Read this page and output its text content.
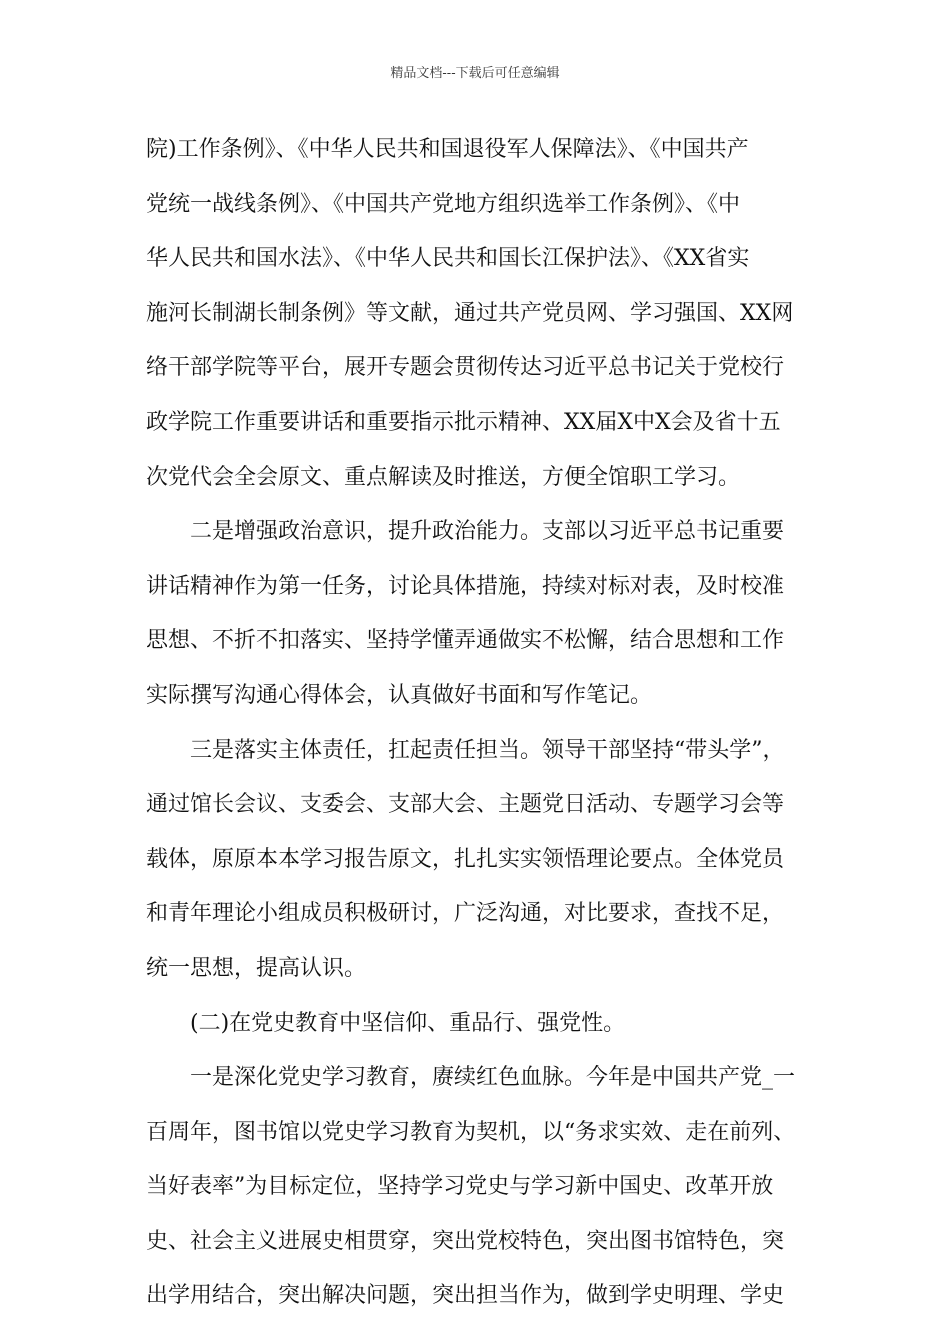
精品文档---下载后可任意编辑
院)工作条例》、《中华人民共和国退役军人保障法》、《中国共产
党统一战线条例》、《中国共产党地方组织选举工作条例》、《中
华人民共和国水法》、《中华人民共和国长江保护法》、《XX省实
施河长制湖长制条例》等文献，通过共产党员网、学习强国、XX网
络干部学院等平台，展开专题会贯彻传达习近平总书记关于党校行
政学院工作重要讲话和重要指示批示精神、XX届X中X会及省十五
次党代会全会原文、重点解读及时推送，方便全馆职工学习。
二是增强政治意识，提升政治能力。支部以习近平总书记重要
讲话精神作为第一任务，讨论具体措施，持续对标对表，及时校准
思想、不折不扣落实、坚持学懂弄通做实不松懈，结合思想和工作
实际撰写沟通心得体会，认真做好书面和写作笔记。
三是落实主体责任，扛起责任担当。领导干部坚持“带头学”，
通过馆长会议、支委会、支部大会、主题党日活动、专题学习会等
载体，原原本本学习报告原文，扎扎实实领悟理论要点。全体党员
和青年理论小组成员积极研讨，广泛沟通，对比要求，查找不足，
统一思想，提高认识。
(二)在党史教育中坚信仰、重品行、强党性。
一是深化党史学习教育，赓续红色血脉。今年是中国共产党_一
百周年，图书馆以党史学习教育为契机，以“务求实效、走在前列、
当好表率”为目标定位，坚持学习党史与学习新中国史、改革开放
史、社会主义进展史相贯穿，突出党校特色，突出图书馆特色，突
出学用结合，突出解决问题，突出担当作为，做到学史明理、学史
